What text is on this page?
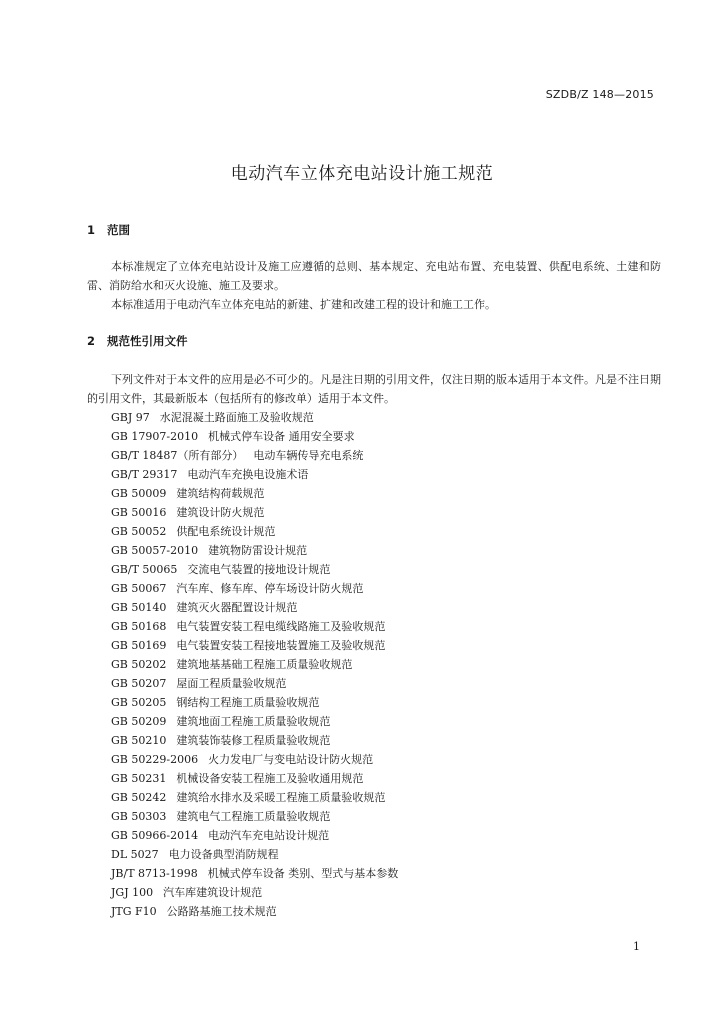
SZDB/Z 148—2015
电动汽车立体充电站设计施工规范
1 范围

本标准规定了立体充电站设计及施工应遵循的总则、基本规定、充电站布置、充电装置、供配电系统、土建和防雷、消防给水和灭火设施、施工及要求。

本标准适用于电动汽车立体充电站的新建、扩建和改建工程的设计和施工工作。

2 规范性引用文件

下列文件对于本文件的应用是必不可少的。凡是注日期的引用文件，仅注日期的版本适用于本文件。凡是不注日期的引用文件，其最新版本（包括所有的修改单）适用于本文件。

GBJ 97 水泥混凝土路面施工及验收规范
GB 17907-2010 机械式停车设备 通用安全要求
GB/T 18487（所有部分） 电动车辆传导充电系统
GB/T 29317 电动汽车充换电设施术语
GB 50009 建筑结构荷载规范
GB 50016 建筑设计防火规范
GB 50052 供配电系统设计规范
GB 50057-2010 建筑物防雷设计规范
GB/T 50065 交流电气装置的接地设计规范
GB 50067 汽车库、修车库、停车场设计防火规范
GB 50140 建筑灭火器配置设计规范
GB 50168 电气装置安装工程电缆线路施工及验收规范
GB 50169 电气装置安装工程接地装置施工及验收规范
GB 50202 建筑地基基础工程施工质量验收规范
GB 50207 屋面工程质量验收规范
GB 50205 钢结构工程施工质量验收规范
GB 50209 建筑地面工程施工质量验收规范
GB 50210 建筑装饰装修工程质量验收规范
GB 50229-2006 火力发电厂与变电站设计防火规范
GB 50231 机械设备安装工程施工及验收通用规范
GB 50242 建筑给水排水及采暖工程施工质量验收规范
GB 50303 建筑电气工程施工质量验收规范
GB 50966-2014 电动汽车充电站设计规范
DL 5027 电力设备典型消防规程
JB/T 8713-1998 机械式停车设备 类别、型式与基本参数
JGJ 100 汽车库建筑设计规范
JTG F10 公路路基施工技术规范
1
